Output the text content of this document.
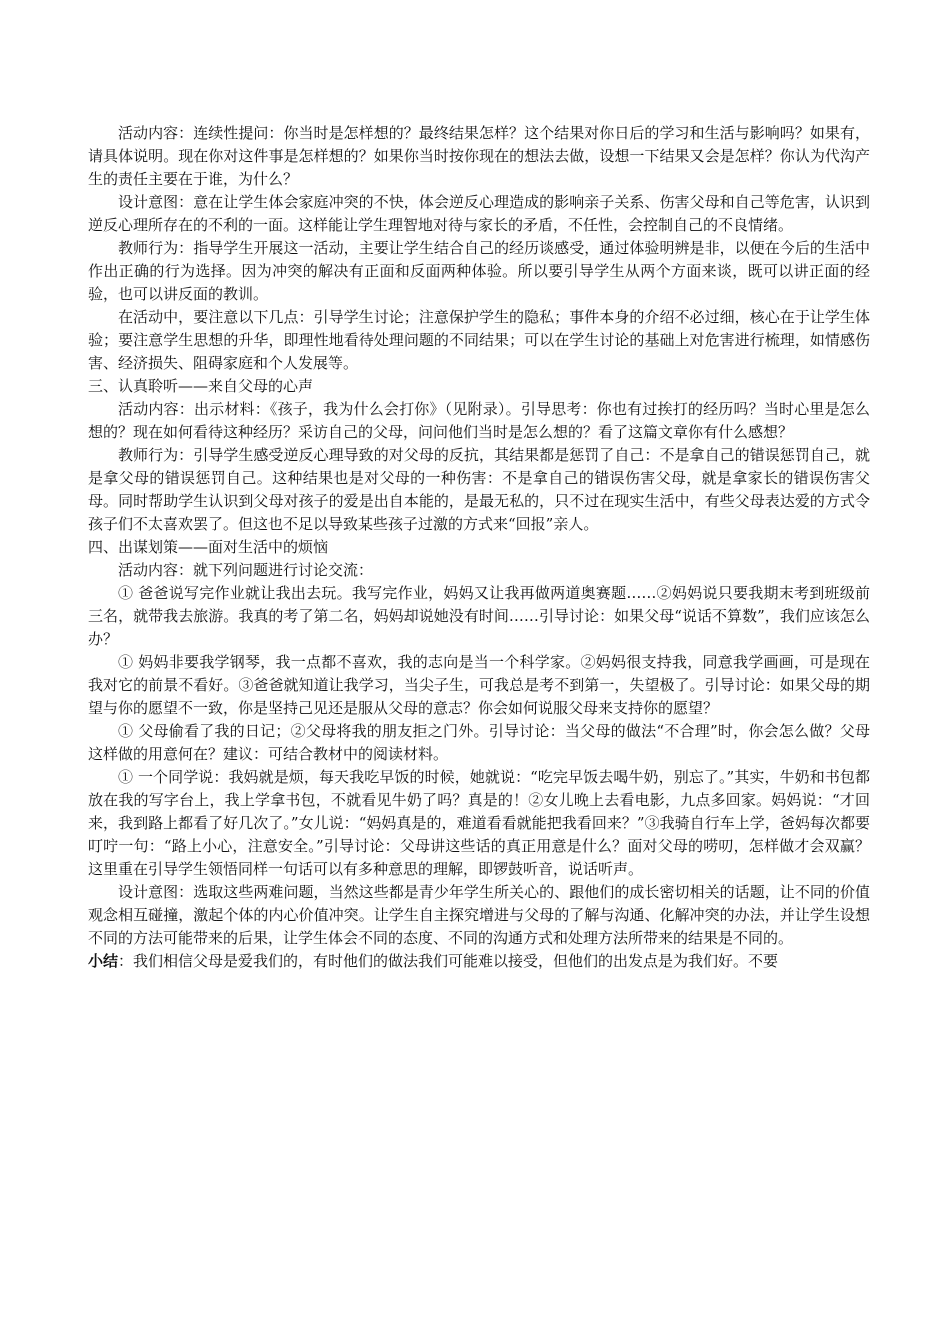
活动内容：连续性提问：你当时是怎样想的？最终结果怎样？这个结果对你日后的学习和生活与影响吗？如果有，请具体说明。现在你对这件事是怎样想的？如果你当时按你现在的想法去做，设想一下结果又会是怎样？你认为代沟产生的责任主要在于谁，为什么？

设计意图：意在让学生体会家庭冲突的不快，体会逆反心理造成的影响亲子关系、伤害父母和自己等危害，认识到逆反心理所存在的不利的一面。这样能让学生理智地对待与家长的矛盾，不任性，会控制自己的不良情绪。

教师行为：指导学生开展这一活动，主要让学生结合自己的经历谈感受，通过体验明辨是非，以便在今后的生活中作出正确的行为选择。因为冲突的解决有正面和反面两种体验。所以要引导学生从两个方面来谈，既可以讲正面的经验，也可以讲反面的教训。

在活动中，要注意以下几点：引导学生讨论；注意保护学生的隐私；事件本身的介绍不必过细，核心在于让学生体验；要注意学生思想的升华，即理性地看待处理问题的不同结果；可以在学生讨论的基础上对危害进行梳理，如情感伤害、经济损失、阻碍家庭和个人发展等。

三、认真聆听——来自父母的心声

活动内容：出示材料：《孩子，我为什么会打你》（见附录）。引导思考：你也有过挨打的经历吗？当时心里是怎么想的？现在如何看待这种经历？采访自己的父母，问问他们当时是怎么想的？看了这篇文章你有什么感想？

教师行为：引导学生感受逆反心理导致的对父母的反抗，其结果都是惩罚了自己：不是拿自己的错误惩罚自己，就是拿父母的错误惩罚自己。这种结果也是对父母的一种伤害：不是拿自己的错误伤害父母，就是拿家长的错误伤害父母。同时帮助学生认识到父母对孩子的爱是出自本能的，是最无私的，只不过在现实生活中，有些父母表达爱的方式令孩子们不太喜欢罢了。但这也不足以导致某些孩子过激的方式来“回报”亲人。

四、出谋划策——面对生活中的烦恼

活动内容：就下列问题进行讨论交流：

① 爸爸说写完作业就让我出去玩。我写完作业，妈妈又让我再做两道奥赛题……②妈妈说只要我期末考到班级前三名，就带我去旅游。我真的考了第二名，妈妈却说她没有时间……引导讨论：如果父母“说话不算数”，我们应该怎么办？

① 妈妈非要我学钢琴，我一点都不喜欢，我的志向是当一个科学家。②妈妈很支持我，同意我学画画，可是现在我对它的前景不看好。③爸爸就知道让我学习，当尖子生，可我总是考不到第一，失望极了。引导讨论：如果父母的期望与你的愿望不一致，你是坚持己见还是服从父母的意志？你会如何说服父母来支持你的愿望？

① 父母偷看了我的日记；②父母将我的朋友拒之门外。引导讨论：当父母的做法“不合理”时，你会怎么做？父母这样做的用意何在？建议：可结合教材中的阅读材料。

① 一个同学说：我妈就是烦，每天我吃早饭的时候，她就说：“吃完早饭去喝牛奶，别忘了。”其实，牛奶和书包都放在我的写字台上，我上学拿书包，不就看见牛奶了吗？真是的！②女儿晚上去看电影，九点多回家。妈妈说：“才回来，我到路上都看了好几次了。”女儿说：“妈妈真是的，难道看看就能把我看回来？”③我骑自行车上学，爸妈每次都要叮咛一句：“路上小心，注意安全。”引导讨论：父母讲这些话的真正用意是什么？面对父母的唠叨，怎样做才会双赢？这里重在引导学生领悟同样一句话可以有多种意思的理解，即锣鼓听音，说话听声。

设计意图：选取这些两难问题，当然这些都是青少年学生所关心的、跟他们的成长密切相关的话题，让不同的价值观念相互碰撞，激起个体的内心价值冲突。让学生自主探究增进与父母的了解与沟通、化解冲突的办法，并让学生设想不同的方法可能带来的后果，让学生体会不同的态度、不同的沟通方式和处理方法所带来的结果是不同的。

小结：我们相信父母是爱我们的，有时他们的做法我们可能难以接受，但他们的出发点是为我们好。不要
